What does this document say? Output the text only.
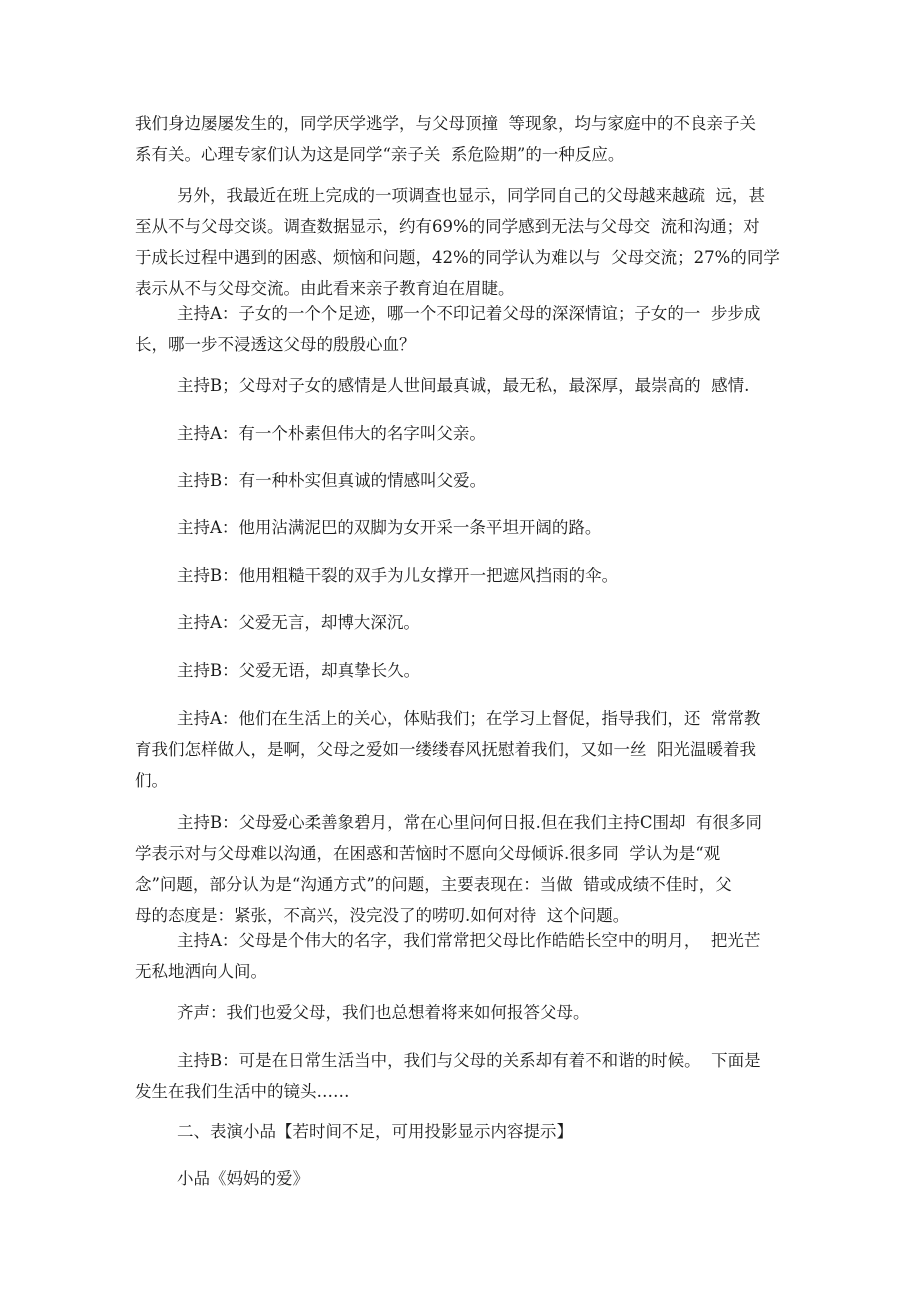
我们身边屡屡发生的，同学厌学逃学，与父母顶撞  等现象，均与家庭中的不良亲子关
系有关。心理专家们认为这是同学“亲子关  系危险期”的一种反应。
另外，我最近在班上完成的一项调查也显示，同学同自己的父母越来越疏  远，甚
至从不与父母交谈。调查数据显示，约有69%的同学感到无法与父母交  流和沟通；对
于成长过程中遇到的困惑、烦恼和问题，42%的同学认为难以与  父母交流；27%的同学
表示从不与父母交流。由此看来亲子教育迫在眉睫。
主持A：子女的一个个足迹，哪一个不印记着父母的深深情谊；子女的一  步步成
长，哪一步不浸透这父母的殷殷心血？
主持B；父母对子女的感情是人世间最真诚，最无私，最深厚，最崇高的  感情.
主持A：有一个朴素但伟大的名字叫父亲。
主持B：有一种朴实但真诚的情感叫父爱。
主持A：他用沾满泥巴的双脚为女开采一条平坦开阔的路。
主持B：他用粗糙干裂的双手为儿女撑开一把遮风挡雨的伞。
主持A：父爱无言，却博大深沉。
主持B：父爱无语，却真挚长久。
主持A：他们在生活上的关心，体贴我们；在学习上督促，指导我们，还  常常教
育我们怎样做人，是啊，父母之爱如一缕缕春风抚慰着我们，又如一丝  阳光温暖着我
们。
主持B：父母爱心柔善象碧月，常在心里问何日报.但在我们主持C围却  有很多同
学表示对与父母难以沟通，在困惑和苦恼时不愿向父母倾诉.很多同  学认为是“观
念”问题，部分认为是“沟通方式”的问题，主要表现在：当做  错或成绩不佳时，父
母的态度是：紧张，不高兴，没完没了的唠叨.如何对待  这个问题。
主持A：父母是个伟大的名字，我们常常把父母比作皓皓长空中的明月，  把光芒
无私地洒向人间。
齐声：我们也爱父母，我们也总想着将来如何报答父母。
主持B：可是在日常生活当中，我们与父母的关系却有着不和谐的时候。  下面是
发生在我们生活中的镜头……
二、表演小品【若时间不足，可用投影显示内容提示】
小品《妈妈的爱》
